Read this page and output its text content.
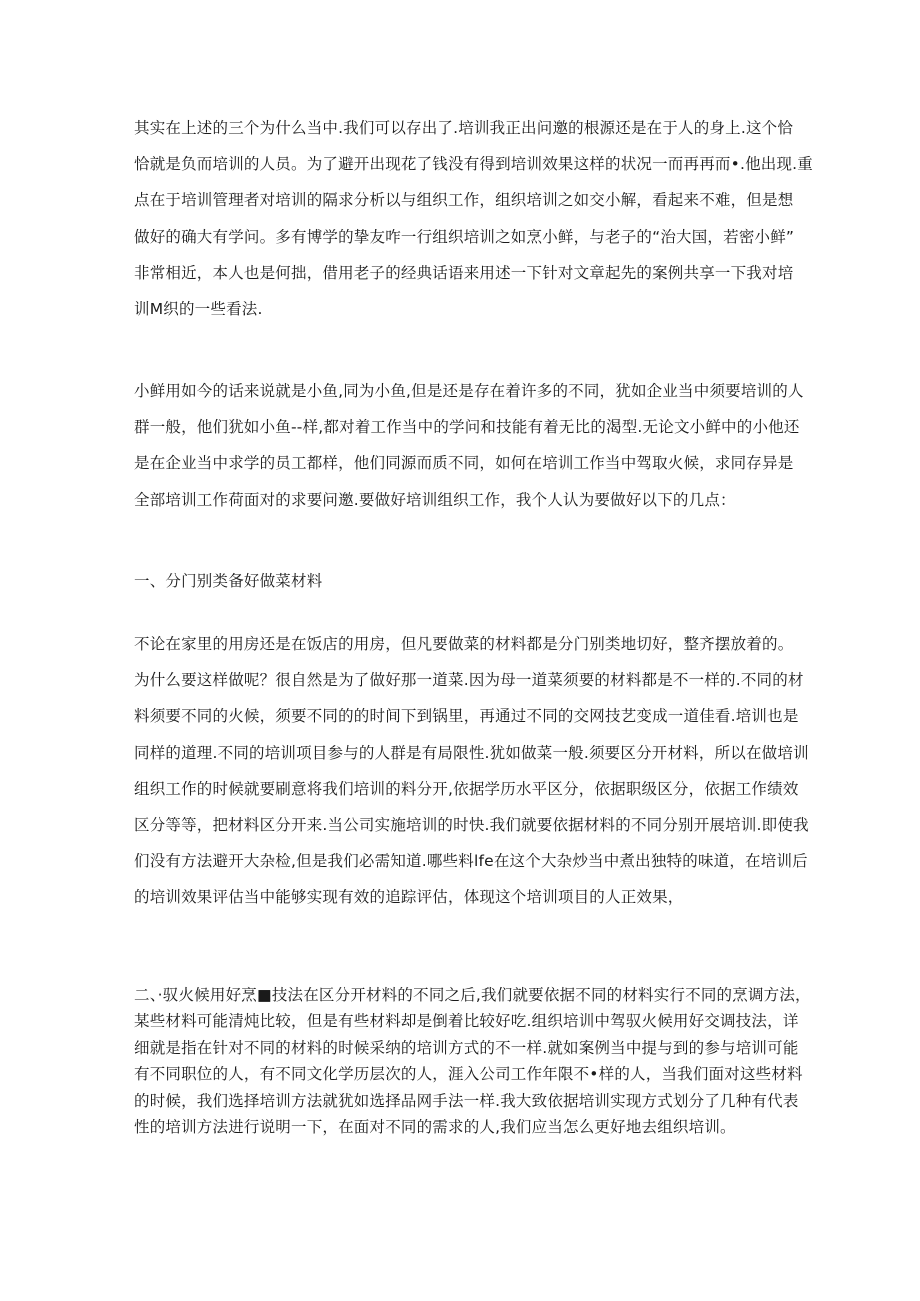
其实在上述的三个为什么当中.我们可以存出了.培训我正出问邀的根源还是在于人的身上.这个恰

恰就是负而培训的人员。为了避开出现花了钱没有得到培训效果这样的状况一而再再而•.他出现.重

点在于培训管理者对培训的隔求分析以与组织工作，组织培训之如交小解，看起来不难，但是想

做好的确大有学问。多有博学的挚友咋一行组织培训之如烹小鲜，与老子的“治大国，若密小鲜”

非常相近，本人也是何拙，借用老子的经典话语来用述一下针对文章起先的案例共享一下我对培

训M织的一些看法.

小鲜用如今的话来说就是小鱼,同为小鱼,但是还是存在着许多的不同，犹如企业当中须要培训的人

群一般，他们犹如小鱼--样,都对着工作当中的学问和技能有着无比的渴型.无论文小鲜中的小他还

是在企业当中求学的员工都样，他们同源而质不同，如何在培训工作当中驾取火候，求同存异是

全部培训工作荷面对的求要问邀.要做好培训组织工作，我个人认为要做好以下的几点：

一、分门别类备好做菜材料

不论在家里的用房还是在饭店的用房，但凡要做菜的材料都是分门别类地切好，整齐摆放着的。

为什么要这样做呢？很自然是为了做好那一道菜.因为母一道菜须要的材料都是不一样的.不同的材

料须要不同的火候，须要不同的的时间下到锅里，再通过不同的交网技艺变成一道佳看.培训也是

同样的道理.不同的培训项目参与的人群是有局限性.犹如做菜一般.须要区分开材料，所以在做培训

组织工作的时候就要刷意将我们培训的料分开,依据学历水平区分，依据职级区分，依据工作绩效

区分等等，把材料区分开来.当公司实施培训的时快.我们就要依据材料的不同分别开展培训.即使我

们没有方法避开大杂检,但是我们必需知道.哪些料lfe在这个大杂炒当中煮出独特的味道，在培训后

的培训效果评估当中能够实现有效的追踪评估，体现这个培训项目的人正效果，

二、·驭火候用好烹■技法在区分开材料的不同之后,我们就要依据不同的材料实行不同的烹调方法，

某些材料可能清炖比较，但是有些材料却是倒着比较好吃.组织培训中驾驭火候用好交调技法，详

细就是指在针对不同的材料的时候采纳的培训方式的不一样.就如案例当中提与到的参与培训可能

有不同职位的人，有不同文化学历层次的人，涯入公司工作年限不•样的人，当我们面对这些材料

的时候，我们选择培训方法就犹如选择品网手法一样.我大致依据培训实现方式划分了几种有代表

性的培训方法进行说明一下，在面对不同的需求的人,我们应当怎么更好地去组织培训。
